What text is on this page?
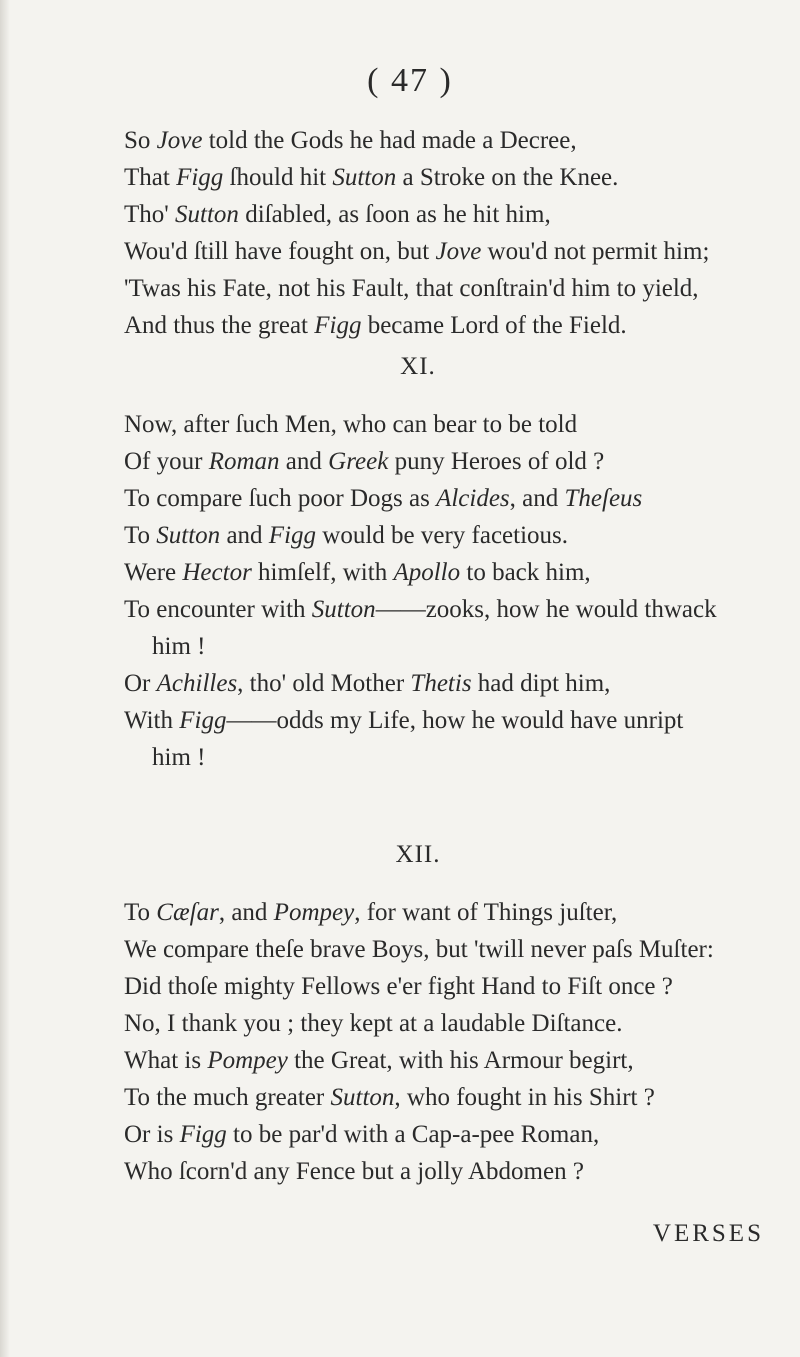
( 47 )
So Jove told the Gods he had made a Decree,
That Figg ſhould hit Sutton a Stroke on the Knee.
Tho' Sutton diſabled, as ſoon as he hit him,
Wou'd ſtill have fought on, but Jove wou'd not permit him;
'Twas his Fate, not his Fault, that conſtrain'd him to yield,
And thus the great Figg became Lord of the Field.
XI.
Now, after ſuch Men, who can bear to be told
Of your Roman and Greek puny Heroes of old ?
To compare ſuch poor Dogs as Alcides, and Theſeus
To Sutton and Figg would be very facetious.
Were Hector himſelf, with Apollo to back him,
To encounter with Sutton——zooks, how he would thwack
him !
Or Achilles, tho' old Mother Thetis had dipt him,
With Figg——odds my Life, how he would have unript
him !
XII.
To Cæſar, and Pompey, for want of Things juſter,
We compare theſe brave Boys, but 'twill never paſs Muſter:
Did thoſe mighty Fellows e'er fight Hand to Fiſt once ?
No, I thank you ; they kept at a laudable Diſtance.
What is Pompey the Great, with his Armour begirt,
To the much greater Sutton, who fought in his Shirt ?
Or is Figg to be par'd with a Cap-a-pee Roman,
Who ſcorn'd any Fence but a jolly Abdomen ?
VERSES
